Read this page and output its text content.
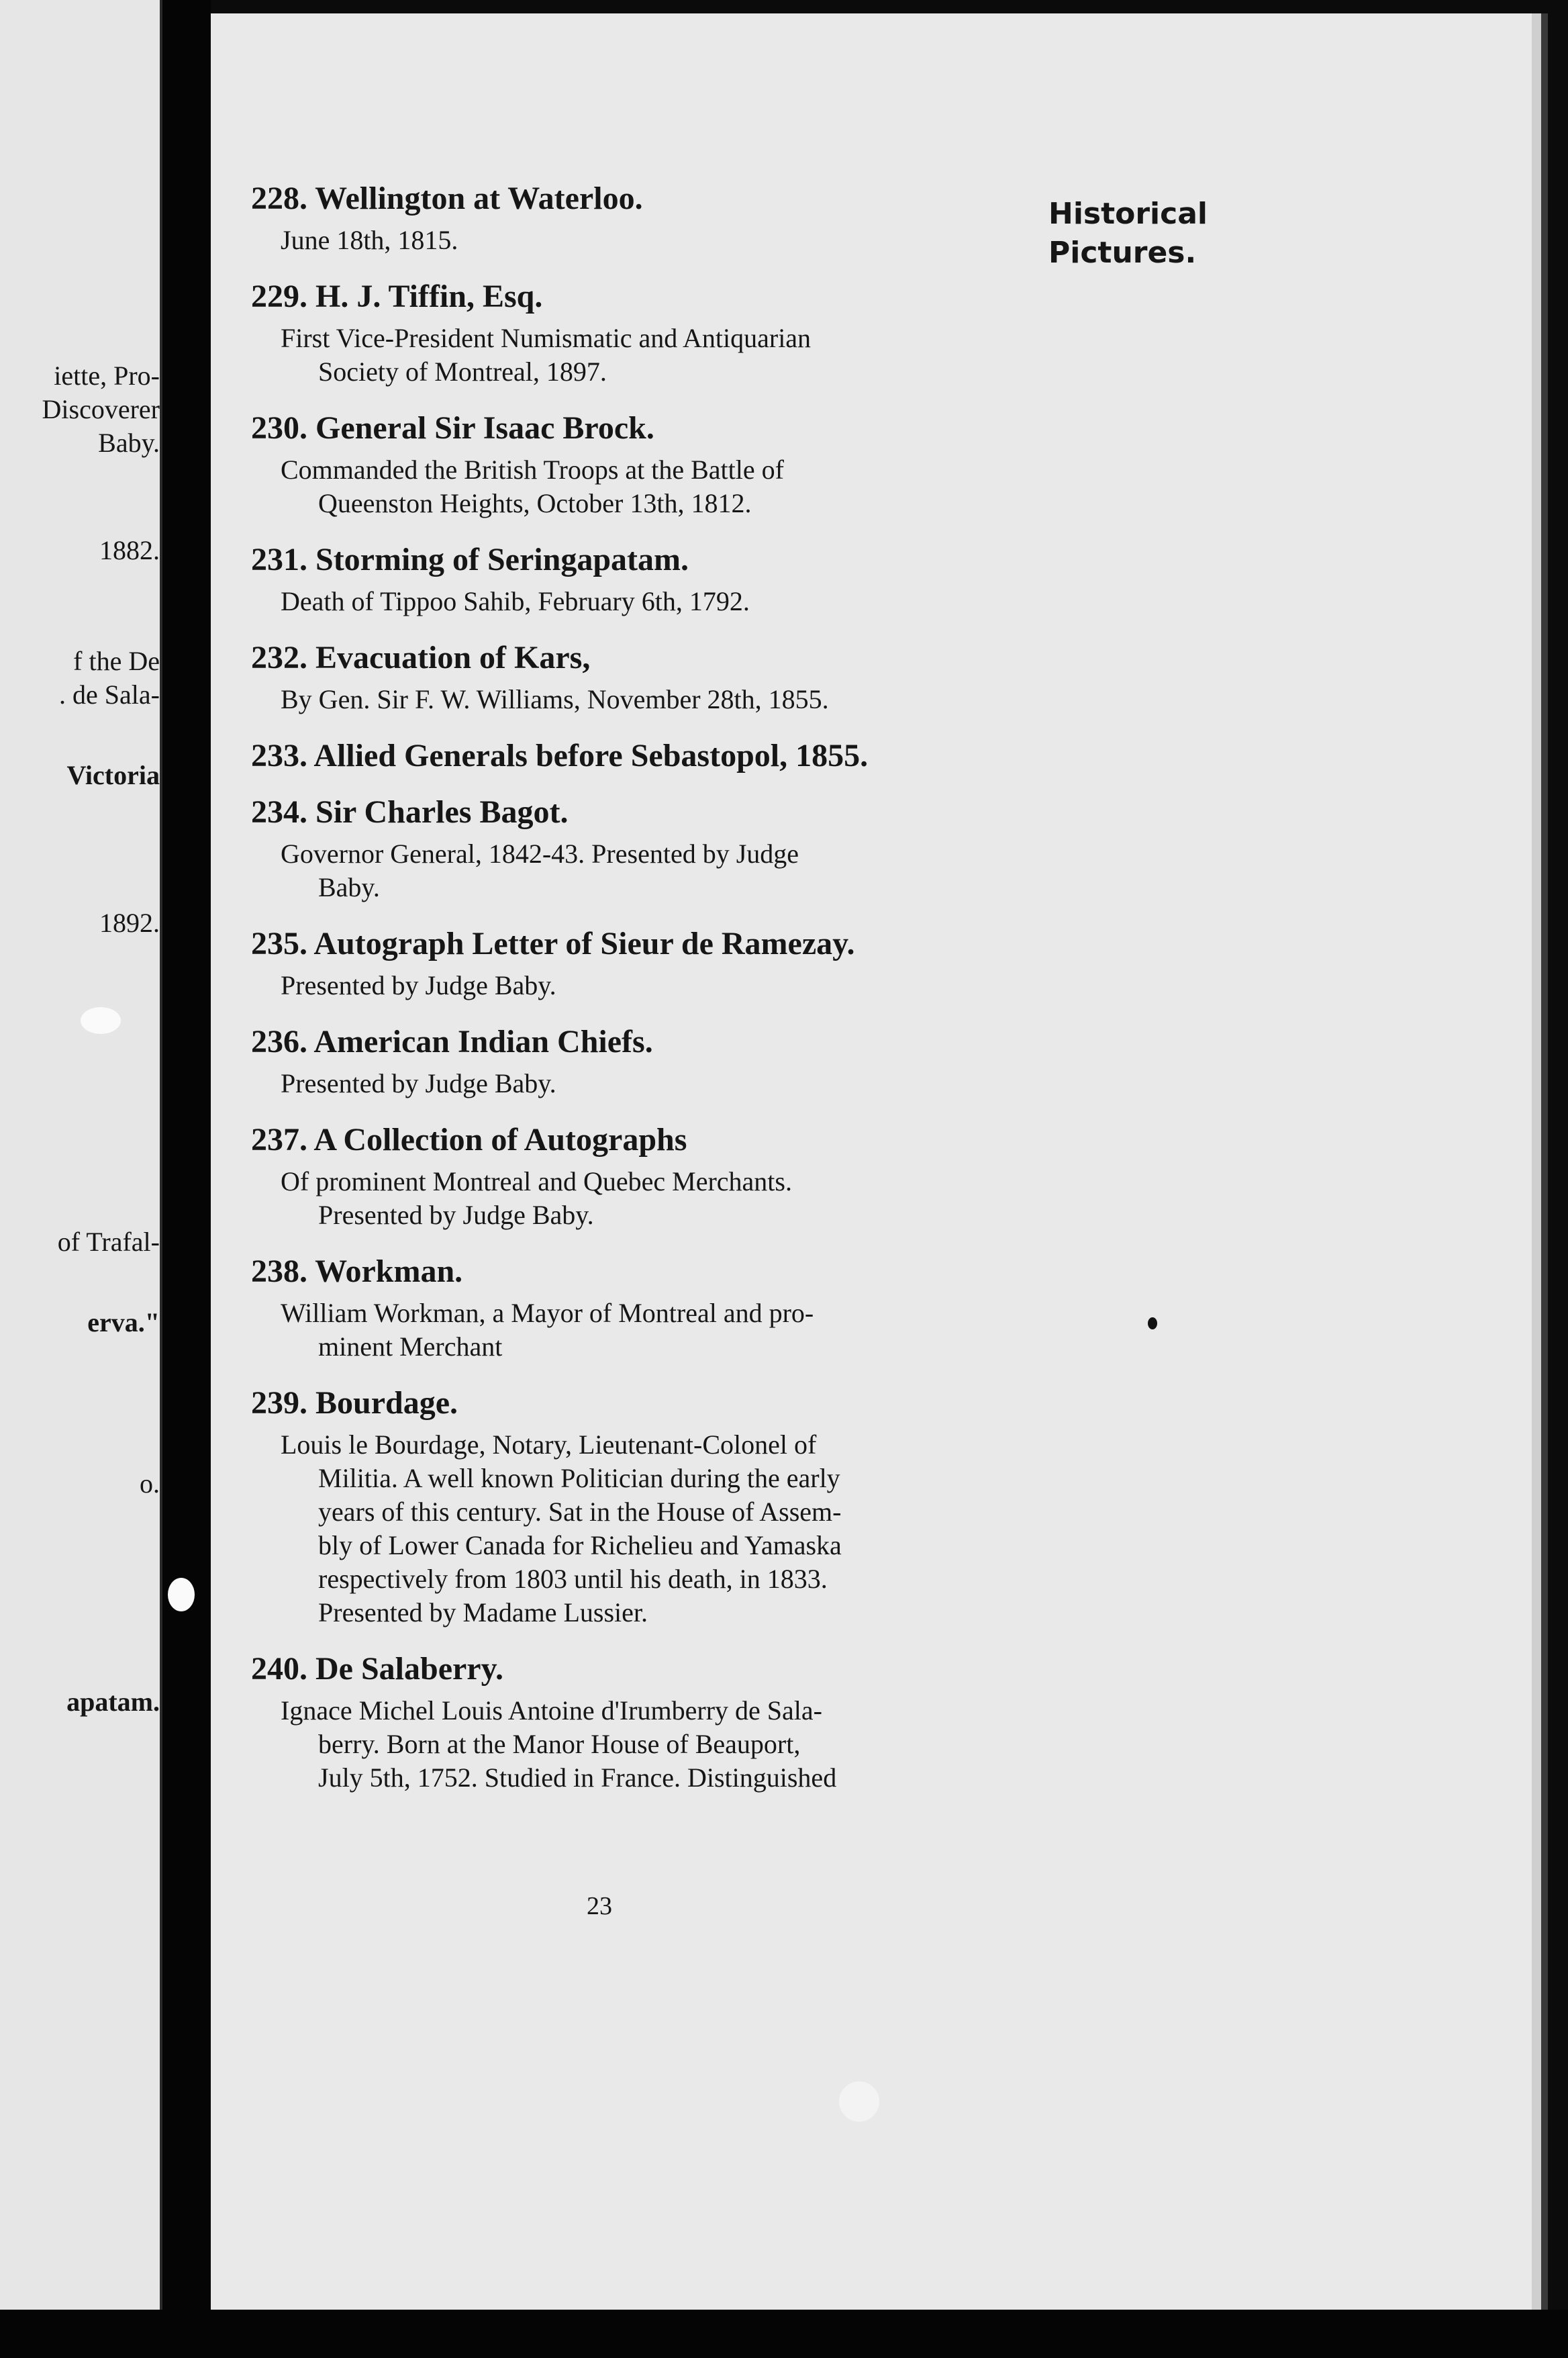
iette, Pro-
Discoverer
Baby.
1882.
f the De
. de Sala-
Victoria
1892.
of Trafal-
erva."
o.
apatam.
228. Wellington at Waterloo.
June 18th, 1815.
229. H. J. Tiffin, Esq.
First Vice-President Numismatic and Antiquarian
Society of Montreal, 1897.
230. General Sir Isaac Brock.
Commanded the British Troops at the Battle of
Queenston Heights, October 13th, 1812.
231. Storming of Seringapatam.
Death of Tippoo Sahib, February 6th, 1792.
232. Evacuation of Kars,
By Gen. Sir F. W. Williams, November 28th, 1855.
233. Allied Generals before Sebastopol, 1855.
234. Sir Charles Bagot.
Governor General, 1842-43. Presented by Judge
Baby.
235. Autograph Letter of Sieur de Ramezay.
Presented by Judge Baby.
236. American Indian Chiefs.
Presented by Judge Baby.
237. A Collection of Autographs
Of prominent Montreal and Quebec Merchants.
Presented by Judge Baby.
238. Workman.
William Workman, a Mayor of Montreal and pro-
minent Merchant
239. Bourdage.
Louis le Bourdage, Notary, Lieutenant-Colonel of
Militia. A well known Politician during the early
years of this century. Sat in the House of Assem-
bly of Lower Canada for Richelieu and Yamaska
respectively from 1803 until his death, in 1833.
Presented by Madame Lussier.
240. De Salaberry.
Ignace Michel Louis Antoine d'Irumberry de Sala-
berry. Born at the Manor House of Beauport,
July 5th, 1752. Studied in France. Distinguished
Historical
Pictures.
23
